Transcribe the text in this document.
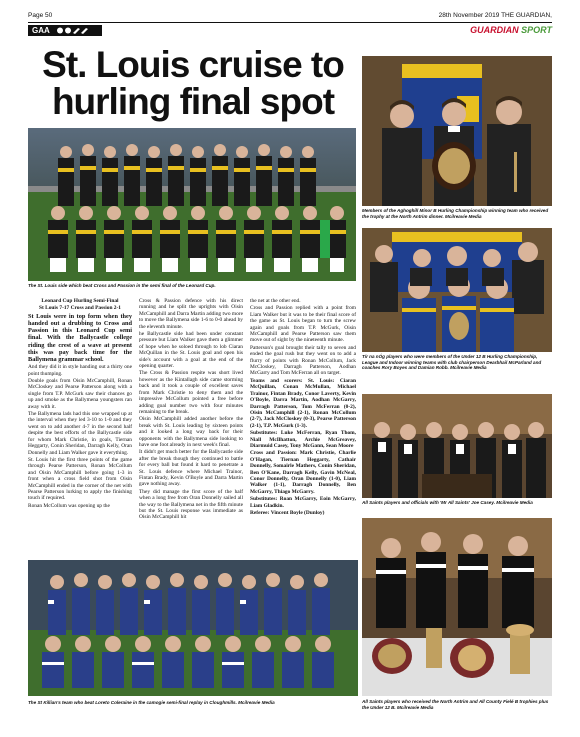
Page 50	28th November 2019 THE GUARDIAN,
GAA	GUARDIAN SPORT
St. Louis cruise to hurling final spot
The St. Louis side which beat Cross and Passion in the semi final of the Leonard Cup.
Members of the Aghoghill Minor B Hurling Championship winning team who received the trophy at the North Antrim dinner. Mcilreavie Media
Tír na nÓg players who were members of the Under 12 B Hurling Championship, League and Indoor winning teams with club chairperson Dearbhail McParland and coaches Rory Boyes and Damian Robb. Mcilreavie Media
All Saints players and officials with 'Mr All Saints' Joe Casey. Mcilreavie Media
The St Killian's team who beat Loreto Coleraine in the camogie semi-final replay in Cloughmills. Mcilreavie Media	All Saints players who received the North Antrim and All County Fielé B trophies plus the Under 12 B. Mcilreavie Media

Leonard Cup Hurling Semi-Final

St Louis 7-17 Cross and Passion 2-1

St Louis were in top form when they handed out a drubbing to Cross and Passion in this Leonard Cup semi final. With the Ballycastle college riding the crest of a wave at present this was pay back time for the Ballymena grammar school.

And they did it in style handing out a thirty one point thumping.

Double goals from Oisin McCamphill, Ronan McCloskey and Pearse Patterson along with a single from T.P. McGurk saw their chances go up and smoke as the Ballymena youngsters ran away with it.

The Ballymena lads had this one wrapped up at the interval when they led 3-10 to 1-0 and they went on to add another 4-7 in the second half despite the best efforts of the Ballycastle side for whom Mark Christie, in goals, Tiernan Heggarty, Conin Sheridan, Darragh Kelly, Oran Donnelly and Liam Walker gave it everything.

St. Louis hit the first three points of the game through Pearse Patterson, Ronan McCollum and Oisin McCamphill before going 1-3 in front when a cross field shot from Oisin McCamphill ended in the corner of the net with Pearse Patterson lurking to apply the finishing touch if required.

Ronan McCollum was opening up the

Cross & Passion defence with his direct running and he split the uprights with Oisin McCamphill and Darra Martin adding two more to move the Ballymena side 1-6 to 0-0 ahead by the eleventh minute.

he Ballycastle side had been under constant pressure but Liam Walker gave them a glimmer of hope when he soloed through to lob Ciaran McQuillan in the St. Louis goal and open his side's account with a goal at the end of the opening quarter.

The Cross & Passion respite was short lived however as the Kintallagh side came storming back and it took a couple of excellent saves from Mark Christie to deny them and the impressive McCollum pointed a free before adding goal number two with four minutes remaining to the break.

Oisin McCamphill added another before the break with St. Louis leading by sixteen points and it looked a long way back for their opponents with the Ballymena side looking to have one foot already in next week's final.

It didn't get much better for the Ballycastle side after the break though they continued to battle for every ball but found it hard to penetrate a St. Louis defence where Michael Trainor, Fintan Brady, Kevin O'Boyle and Darra Martin gave nothing away.

They did manage the first score of the half when a long free from Oran Donnelly sailed all the way to the Ballymena net in the fifth minute but the St. Louis response was immediate as Oisin McCamphill hit

the net at the other end.

Cross and Passion replied with a point from Liam Walker but it was to be their final score of the game as St. Louis began to turn the screw again and goals from T.P. McGurk, Oisin McCamphill and Pearse Patterson saw them move out of sight by the nineteenth minute.

Patterson's goal brought their tally to seven and ended the goal rush but they went on to add a flurry of points with Ronan McCollum, Jack McCloskey, Darragh Patterson, Aodhan McGarry and Tom McFerran all on target.

Teams and scorers: St. Louis: Ciaran McQuillan, Conan McMullan, Michael Trainor, Fintan Brady, Conor Laverty, Kevin O'Boyle, Darra Martin, Aodhan McGarry, Darragh Patterson, Tom McFerran (0-2), Oisin McCamphill (2-1), Ronan McCollum (2-7), Jack McCloskey (0-3), Pearse Patterson (2-1), T.P. McGurk (1-3).

Substitutes: Luke McFerran, Ryan Thom, Niall McIlhatton, Archie McGreavey, Diarmuid Casey, Tony McGann, Sean Moore

Cross and Passion: Mark Christie, Charlie O'Hagan, Tiernan Heggarty, Cathair Donnelly, Somairle Mathers, Conin Sheridan, Ben O'Kane, Darragh Kelly, Gavin McNeal, Conor Donnelly, Oran Donnelly (1-0), Liam Walker (1-1), Darragh Donnelly, Ben McGarry, Thiago McGarry.

Substitutes: Roan McGarry, Eoin McGarry, Liam Gladkin.

Referee: Vincent Boyle (Dunloy)
